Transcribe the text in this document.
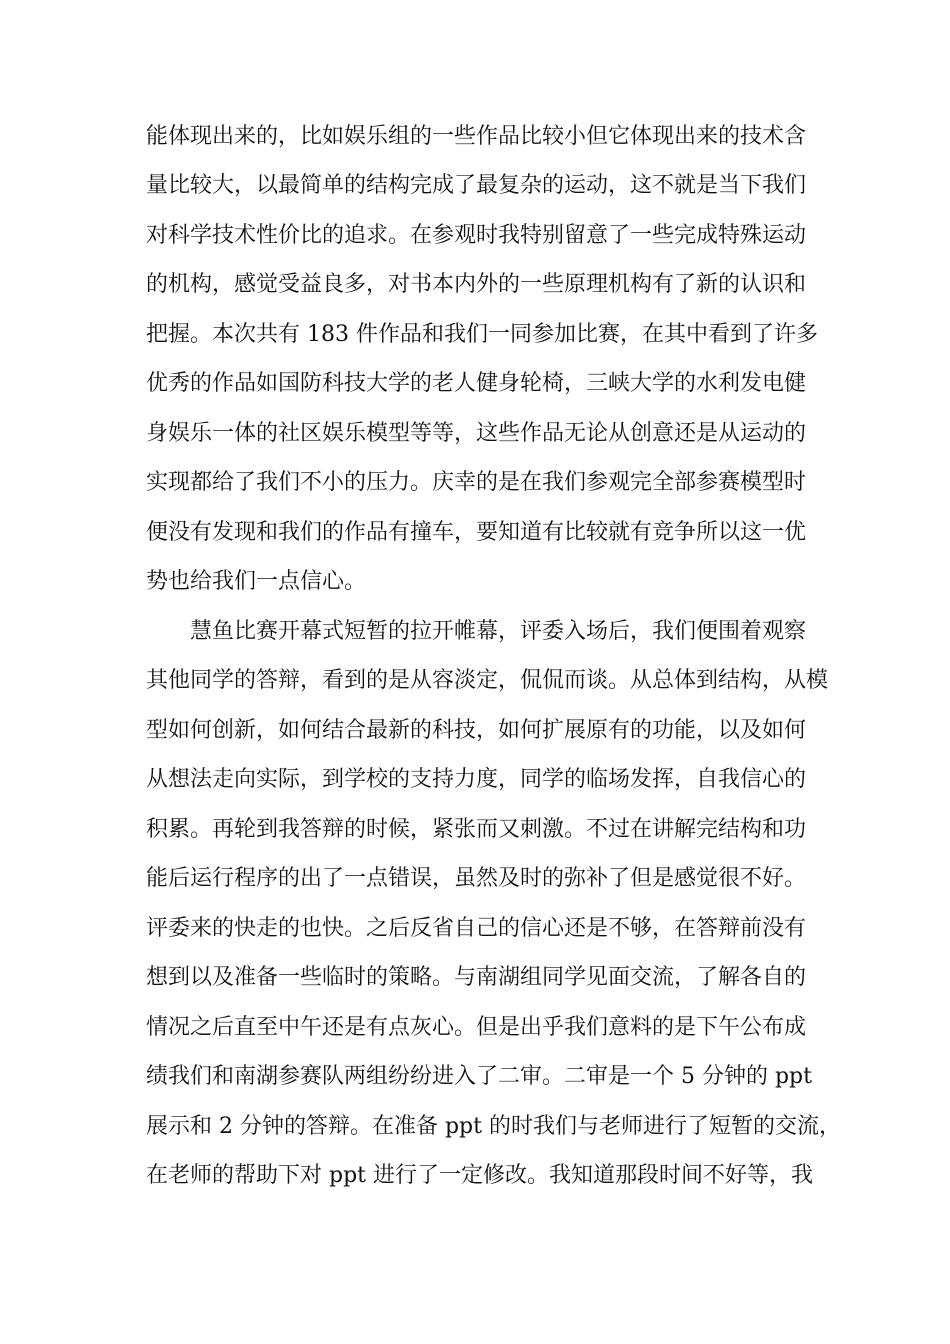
能体现出来的，比如娱乐组的一些作品比较小但它体现出来的技术含
量比较大，以最简单的结构完成了最复杂的运动，这不就是当下我们
对科学技术性价比的追求。在参观时我特别留意了一些完成特殊运动
的机构，感觉受益良多，对书本内外的一些原理机构有了新的认识和
把握。本次共有 183 件作品和我们一同参加比赛，在其中看到了许多
优秀的作品如国防科技大学的老人健身轮椅，三峡大学的水利发电健
身娱乐一体的社区娱乐模型等等，这些作品无论从创意还是从运动的
实现都给了我们不小的压力。庆幸的是在我们参观完全部参赛模型时
便没有发现和我们的作品有撞车，要知道有比较就有竞争所以这一优
势也给我们一点信心。
慧鱼比赛开幕式短暂的拉开帷幕，评委入场后，我们便围着观察
其他同学的答辩，看到的是从容淡定，侃侃而谈。从总体到结构，从模
型如何创新，如何结合最新的科技，如何扩展原有的功能，以及如何
从想法走向实际，到学校的支持力度，同学的临场发挥，自我信心的
积累。再轮到我答辩的时候，紧张而又刺激。不过在讲解完结构和功
能后运行程序的出了一点错误，虽然及时的弥补了但是感觉很不好。
评委来的快走的也快。之后反省自己的信心还是不够，在答辩前没有
想到以及准备一些临时的策略。与南湖组同学见面交流，了解各自的
情况之后直至中午还是有点灰心。但是出乎我们意料的是下午公布成
绩我们和南湖参赛队两组纷纷进入了二审。二审是一个 5 分钟的 ppt
展示和 2 分钟的答辩。在准备 ppt 的时我们与老师进行了短暂的交流，
在老师的帮助下对 ppt 进行了一定修改。我知道那段时间不好等，我
